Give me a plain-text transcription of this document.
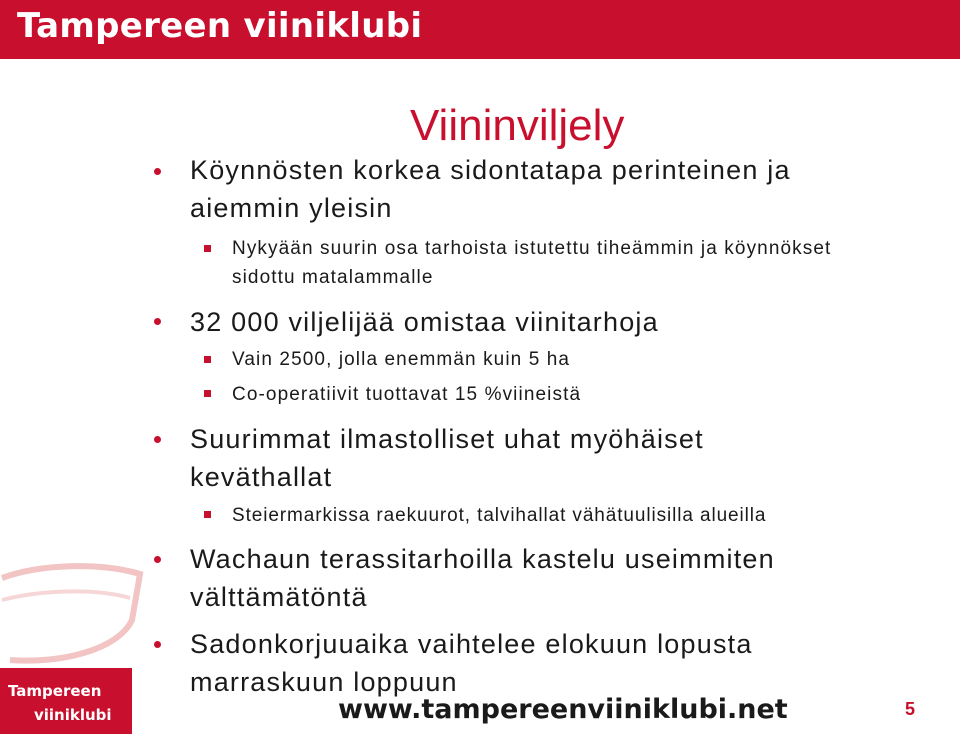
Tampereen viiniklubi
Viininviljely

Köynnösten korkea sidontatapa perinteinen ja aiemmin yleisin

Nykyään suurin osa tarhoista istutettu tiheämmin ja köynnökset sidottu matalammalle

32 000 viljelijää omistaa viinitarhoja

Vain 2500, jolla enemmän kuin 5 ha

Co-operatiivit tuottavat 15 %viineistä

Suurimmat ilmastolliset uhat myöhäiset keväthallat

Steiermarkissa raekuurot, talvihallat vähätuulisilla alueilla

Wachaun terassitarhoilla kastelu useimmiten välttämätöntä

Sadonkorjuuaika vaihtelee elokuun lopusta marraskuun loppuun

Tampereen
viiniklubi	www.tampereenviiniklubi.net	5
